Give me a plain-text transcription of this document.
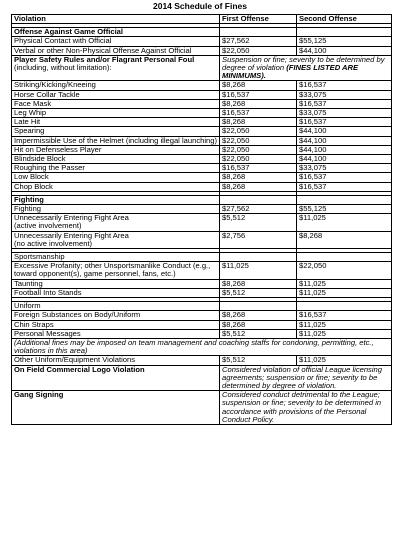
2014 Schedule of Fines
Violation	First Offense	Second Offense

Offense Against Game Official		
Physical Contact with Official	$27,562	$55,125
Verbal or other Non-Physical Offense Against Official	$22,050	$44,100
Player Safety Rules and/or Flagrant Personal Foul (including, without limitation):	Suspension or fine; severity to be determined by degree of violation (FINES LISTED ARE MINIMUMS).	
Striking/Kicking/Kneeing	$8,268	$16,537
Horse Collar Tackle	$16,537	$33,075
Face Mask	$8,268	$16,537
Leg Whip	$16,537	$33,075
Late Hit	$8,268	$16,537
Spearing	$22,050	$44,100
Impermissible Use of the Helmet (including illegal launching)	$22,050	$44,100
Hit on Defenseless Player	$22,050	$44,100
Blindside Block	$22,050	$44,100
Roughing the Passer	$16,537	$33,075
Low Block	$8,268	$16,537
Chop Block	$8,268	$16,537

Fighting		
Fighting	$27,562	$55,125
Unnecessarily Entering Fight Area
(active involvement)	$5,512	$11,025
Unnecessarily Entering Fight Area
(no active involvement)	$2,756	$8,268

Sportsmanship		
Excessive Profanity; other Unsportsmanlike Conduct (e.g., toward opponent(s), game personnel, fans, etc.)	$11,025	$22,050
Taunting	$8,268	$11,025
Football Into Stands	$5,512	$11,025

Uniform		
Foreign Substances on Body/Uniform	$8,268	$16,537
Chin Straps	$8,268	$11,025
Personal Messages	$5,512	$11,025
(Additional fines may be imposed on team management and coaching staffs for condoning, permitting, etc., violations in this area)		
Other Uniform/Equipment Violations	$5,512	$11,025
On Field Commercial Logo Violation	Considered violation of official League licensing agreements; suspension or fine; severity to be determined by degree of violation.	
Gang Signing	Considered conduct detrimental to the League; suspension or fine; severity to be determined in accordance with provisions of the Personal Conduct Policy.	
